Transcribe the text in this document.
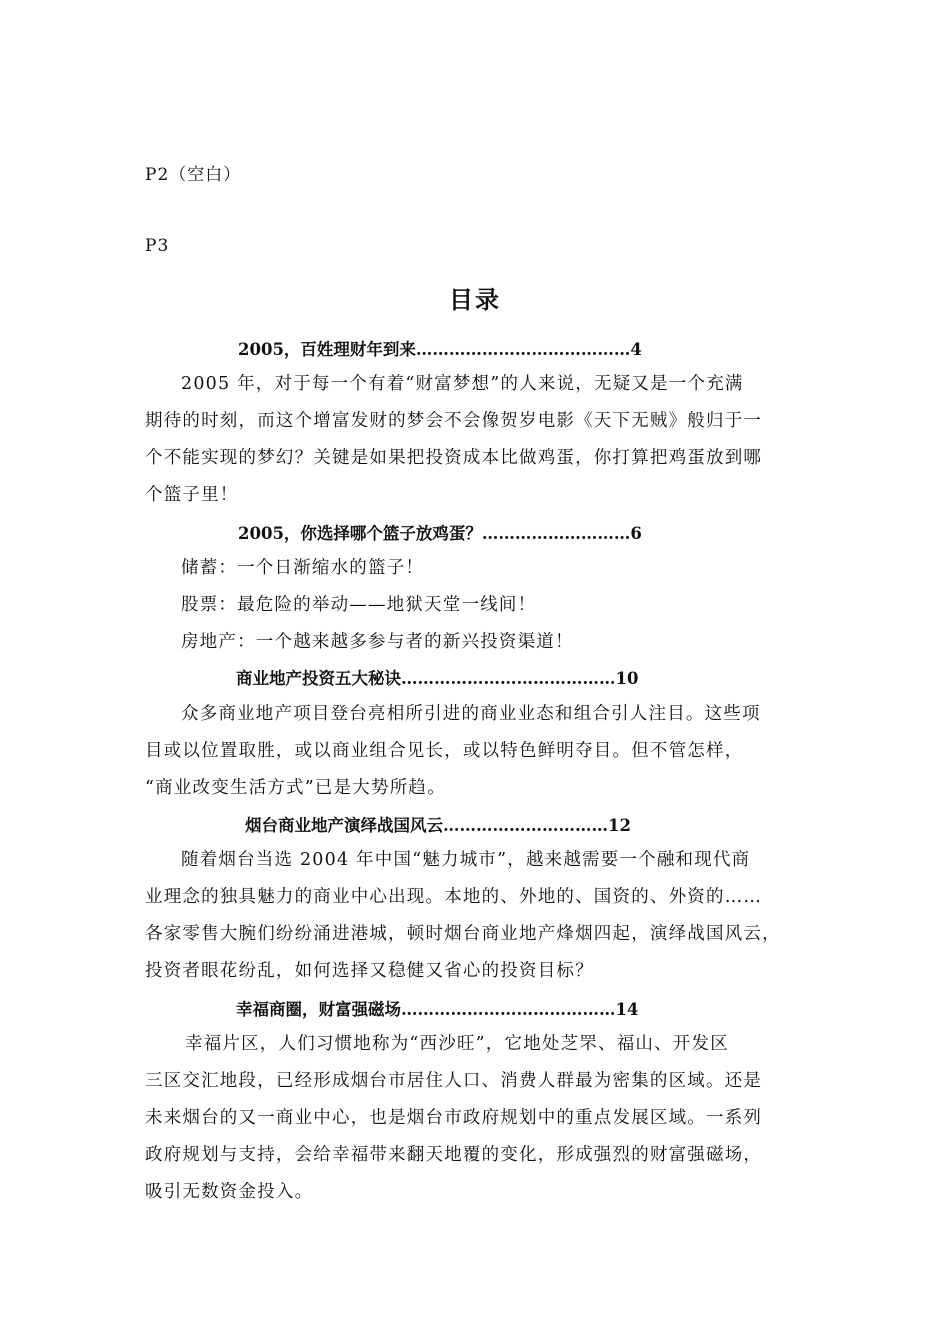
P2（空白）
P3
目录
2005，百姓理财年到来…………………………………4
2005 年，对于每一个有着“财富梦想”的人来说，无疑又是一个充满
期待的时刻，而这个增富发财的梦会不会像贺岁电影《天下无贼》般归于一
个不能实现的梦幻？关键是如果把投资成本比做鸡蛋，你打算把鸡蛋放到哪
个篮子里！
2005，你选择哪个篮子放鸡蛋？………………………6
储蓄：一个日渐缩水的篮子！
股票：最危险的举动——地狱天堂一线间！
房地产：一个越来越多参与者的新兴投资渠道！
商业地产投资五大秘诀…………………………………10
众多商业地产项目登台亮相所引进的商业业态和组合引人注目。这些项
目或以位置取胜，或以商业组合见长，或以特色鲜明夺目。但不管怎样，
“商业改变生活方式”已是大势所趋。
烟台商业地产演绎战国风云…………………………12
随着烟台当选 2004 年中国“魅力城市”，越来越需要一个融和现代商
业理念的独具魅力的商业中心出现。本地的、外地的、国资的、外资的……
各家零售大腕们纷纷涌进港城，顿时烟台商业地产烽烟四起，演绎战国风云，
投资者眼花纷乱，如何选择又稳健又省心的投资目标？
幸福商圈，财富强磁场…………………………………14
幸福片区，人们习惯地称为“西沙旺”，它地处芝罘、福山、开发区
三区交汇地段，已经形成烟台市居住人口、消费人群最为密集的区域。还是
未来烟台的又一商业中心，也是烟台市政府规划中的重点发展区域。一系列
政府规划与支持，会给幸福带来翻天地覆的变化，形成强烈的财富强磁场，
吸引无数资金投入。
